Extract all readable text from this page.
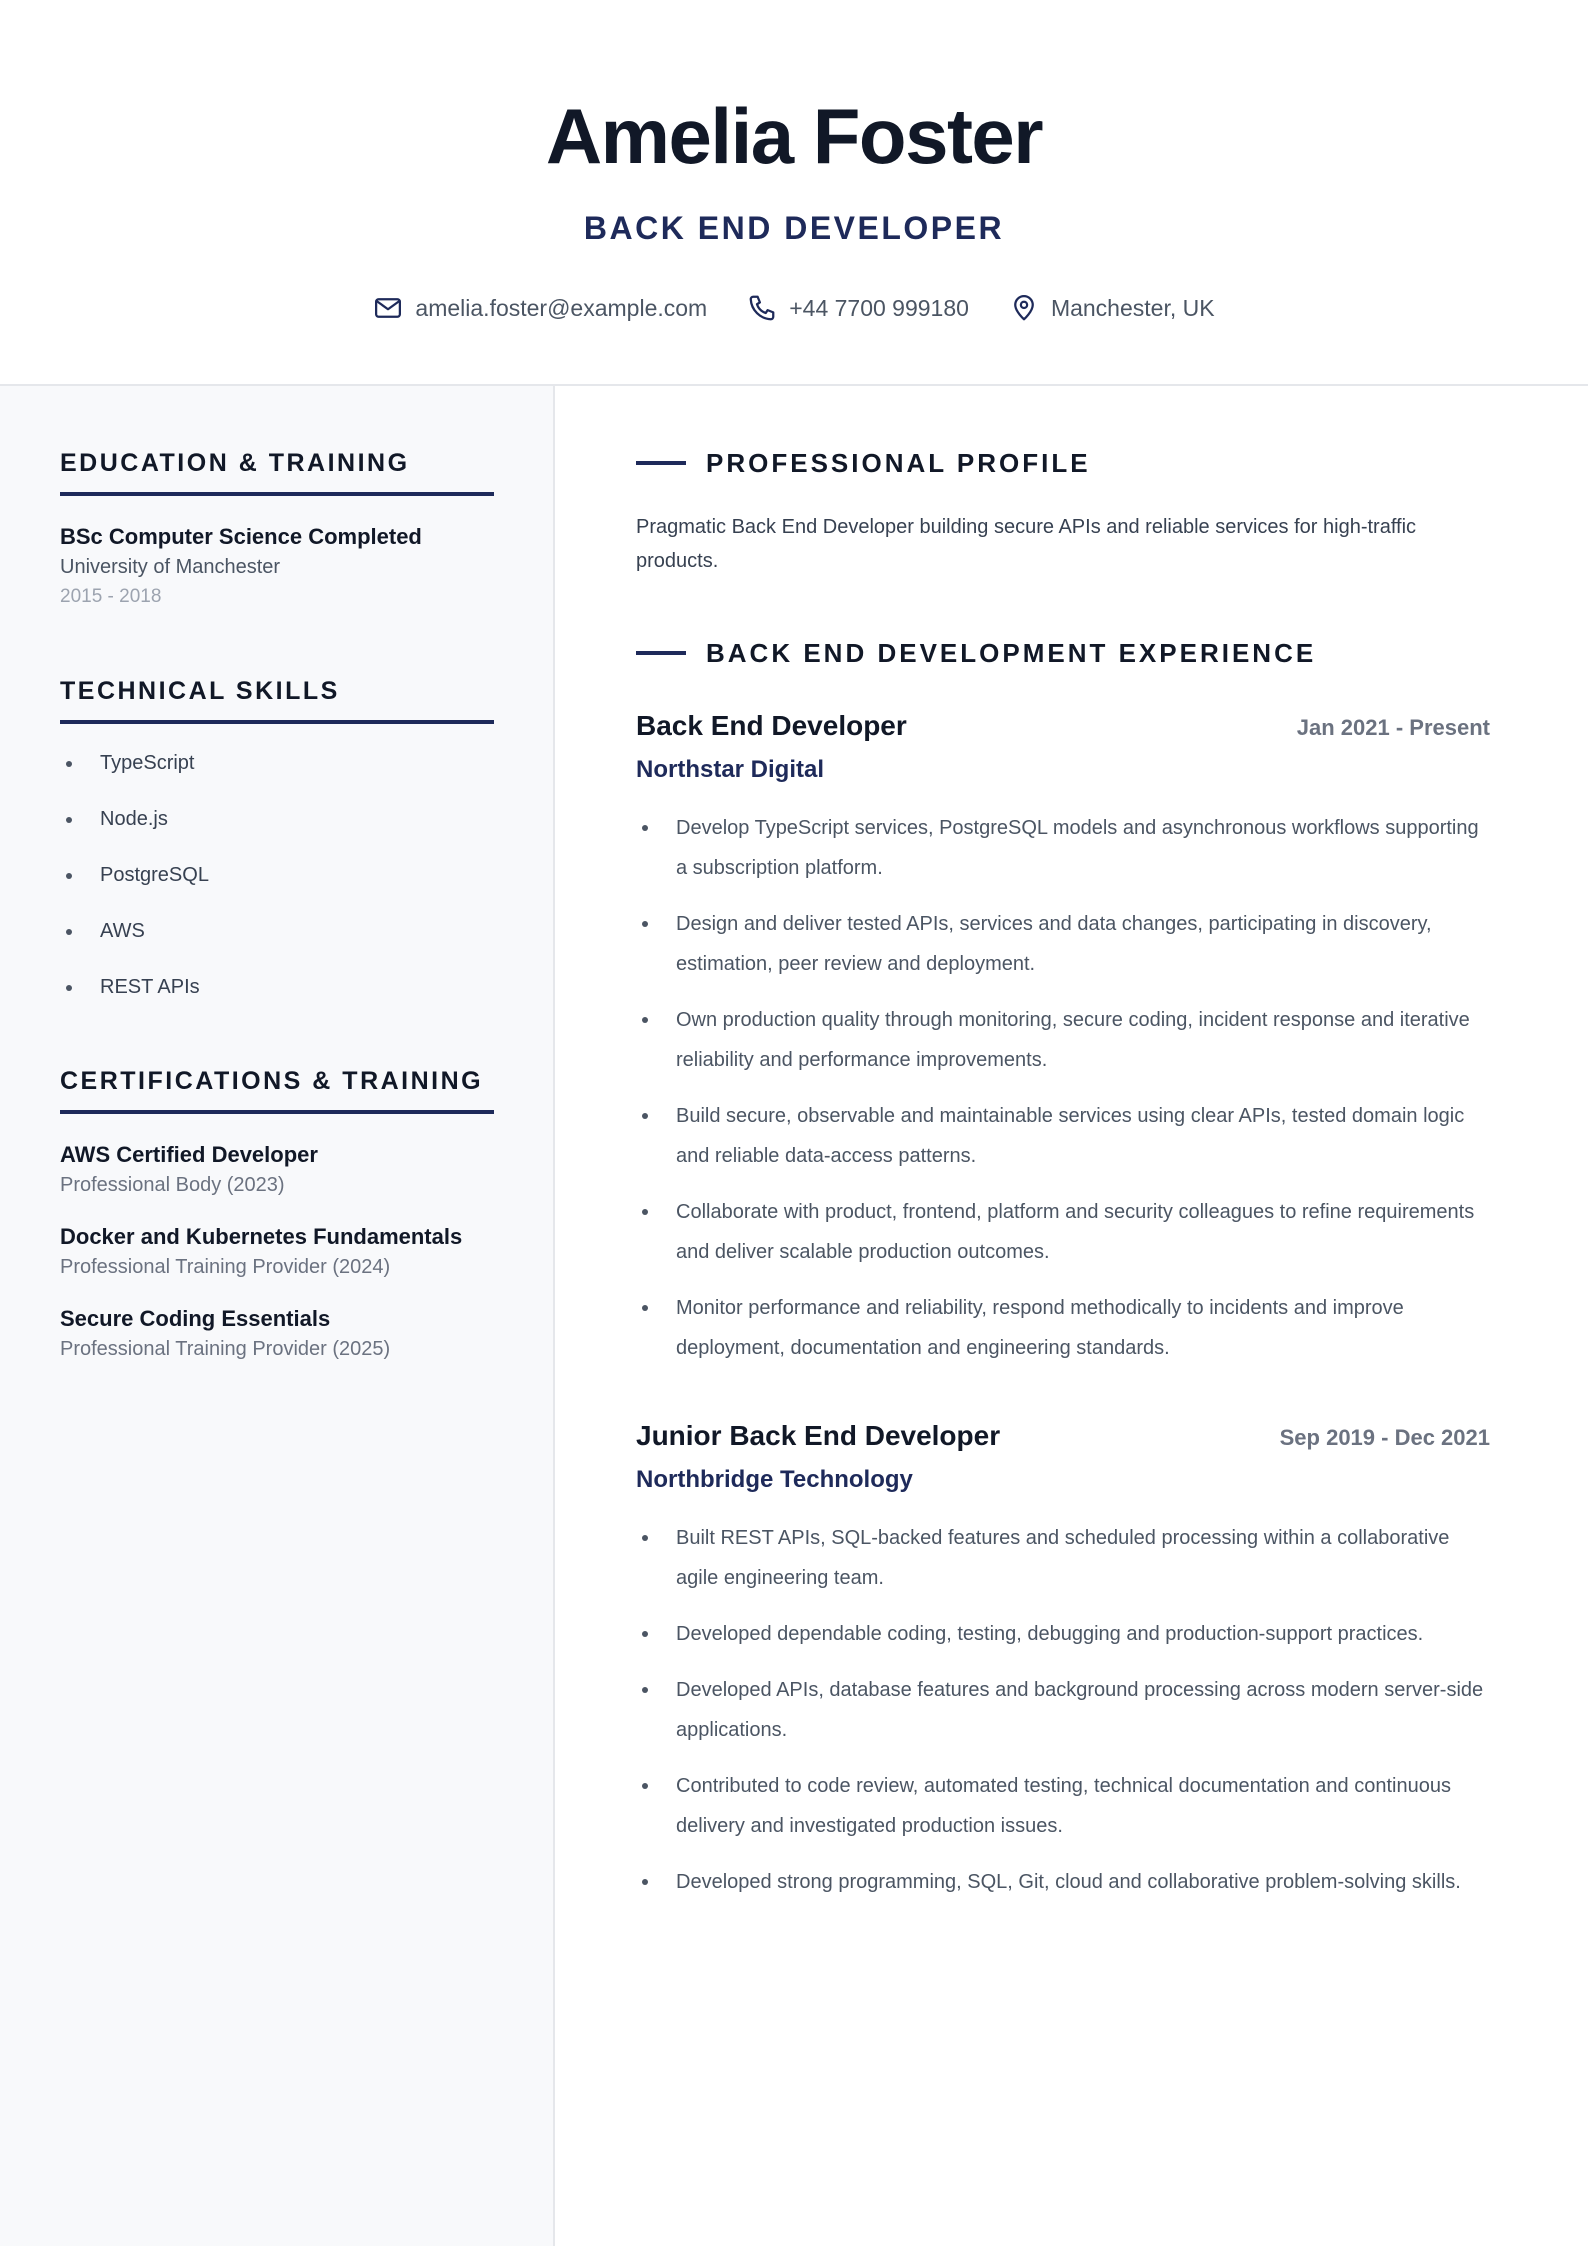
Amelia Foster
BACK END DEVELOPER
amelia.foster@example.com	+44 7700 999180	Manchester, UK
EDUCATION & TRAINING
BSc Computer Science Completed
University of Manchester
2015 - 2018
TECHNICAL SKILLS
TypeScript
Node.js
PostgreSQL
AWS
REST APIs
CERTIFICATIONS & TRAINING
AWS Certified Developer
Professional Body (2023)
Docker and Kubernetes Fundamentals
Professional Training Provider (2024)
Secure Coding Essentials
Professional Training Provider (2025)
PROFESSIONAL PROFILE

Pragmatic Back End Developer building secure APIs and reliable services for high-traffic products.

BACK END DEVELOPMENT EXPERIENCE
Back End Developer	Jan 2021 - Present
Northstar Digital
Develop TypeScript services, PostgreSQL models and asynchronous workflows supporting a subscription platform.
Design and deliver tested APIs, services and data changes, participating in discovery, estimation, peer review and deployment.
Own production quality through monitoring, secure coding, incident response and iterative reliability and performance improvements.
Build secure, observable and maintainable services using clear APIs, tested domain logic and reliable data-access patterns.
Collaborate with product, frontend, platform and security colleagues to refine requirements and deliver scalable production outcomes.
Monitor performance and reliability, respond methodically to incidents and improve deployment, documentation and engineering standards.
Junior Back End Developer	Sep 2019 - Dec 2021
Northbridge Technology
Built REST APIs, SQL-backed features and scheduled processing within a collaborative agile engineering team.
Developed dependable coding, testing, debugging and production-support practices.
Developed APIs, database features and background processing across modern server-side applications.
Contributed to code review, automated testing, technical documentation and continuous delivery and investigated production issues.
Developed strong programming, SQL, Git, cloud and collaborative problem-solving skills.
